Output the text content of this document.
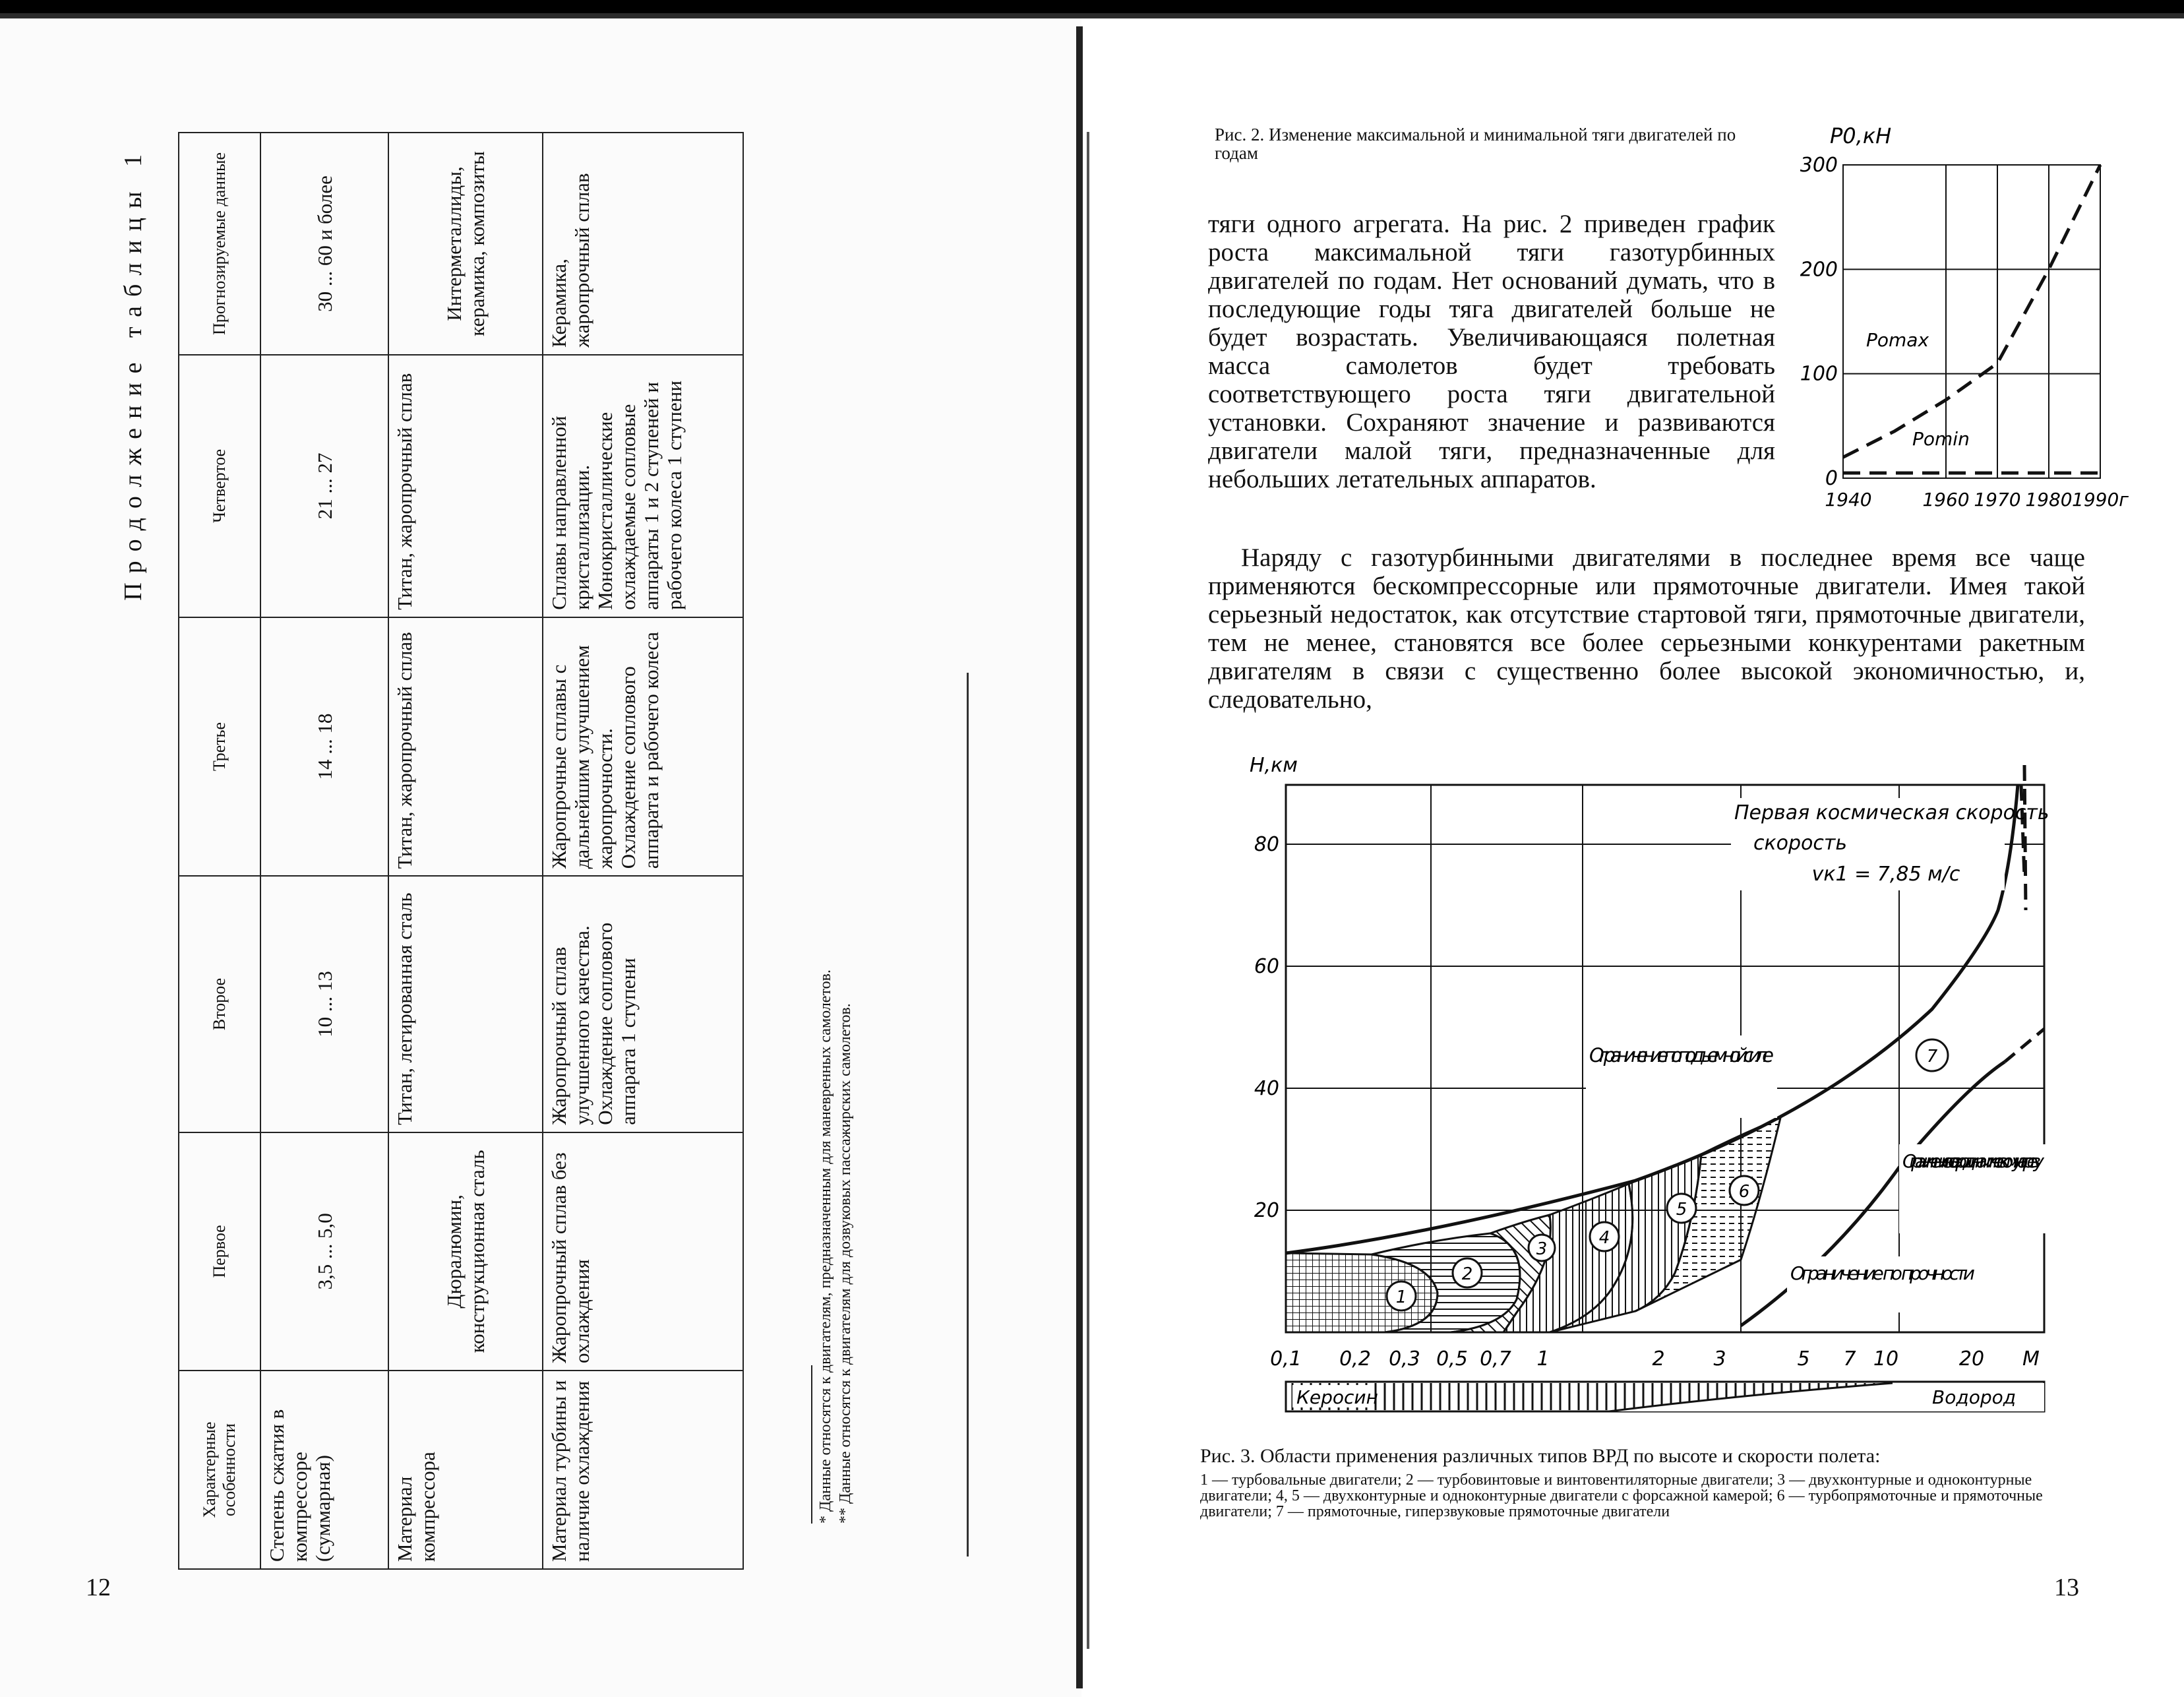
Продолжение таблицы 1
Характерные особенности	Первое	Второе	Третье	Четвертое	Прогнозируемые данные
Степень сжатия в компрессоре (суммарная)	3,5 ... 5,0	10 ... 13	14 ... 18	21 ... 27	30 ... 60 и более
Материал компрессора	Дюралюмин, конструкционная сталь	Титан, легированная сталь	Титан, жаропрочный сплав	Титан, жаропрочный сплав	Интерметаллиды, керамика, композиты
Материал турбины и наличие охлаждения	Жаропрочный сплав без охлаждения	Жаропрочный сплав улучшенного качества. Охлаждение соплового аппарата 1 ступени	Жаропрочные сплавы с дальнейшим улучшением жаропрочности. Охлаждение соплового аппарата и рабочего колеса	Сплавы направленной кристаллизации. Монокристаллические охлаждаемые сопловые аппараты 1 и 2 ступеней и рабочего колеса 1 ступени	Керамика, жаропрочный сплав
* Данные относятся к двигателям, предназначенным для маневренных самолетов. ** Данные относятся к двигателям для дозвуковых пассажирских самолетов.
12
Рис. 2. Изменение максимальной и минимальной тяги двигателей по годам
тяги одного агрегата. На рис. 2 приведен график роста максимальной тяги газотурбинных двигателей по годам. Нет оснований думать, что в последующие годы тяга двигателей больше не будет возрастать. Увеличивающаяся полетная масса самолетов будет требовать соответствующего роста тяги двигательной установки. Сохраняют значение и развиваются двигатели малой тяги, предназначенные для небольших летательных аппаратов.
Наряду с газотурбинными двигателями в последнее время все чаще применяются бескомпрессорные или прямоточные двигатели. Имея такой серьезный недостаток, как отсутствие стартовой тяги, прямоточные двигатели, тем не менее, становятся все более серьезными конкурентами ракетным двигателям в связи с существенно более высокой экономичностью, и, следовательно,
P0,кН
0
100
200
300
1940	1960 1970 1980 1990г
Pomax
Pomin
Н,км
1
2
3
4
5
6
7
Первая космическая скорость
скорость
vк1 = 7,85 м/с
Ограничение по подъемной силе
Ограничение по аэродинамическому нагреву
Ограничение по прочности
20
40
60
80
0,1 0,2 0,3 0,5 0,7 1	2 3	5 7 10	20 M
Керосин	Водород
Рис. 3. Области применения различных типов ВРД по высоте и скорости полета:
1 — турбовальные двигатели; 2 — турбовинтовые и винтовентиляторные двигатели; 3 — двухконтурные и одноконтурные двигатели; 4, 5 — двухконтурные и одноконтурные двигатели с форсажной камерой; 6 — турбопрямоточные и прямоточные двигатели; 7 — прямоточные, гиперзвуковые прямоточные двигатели
13
